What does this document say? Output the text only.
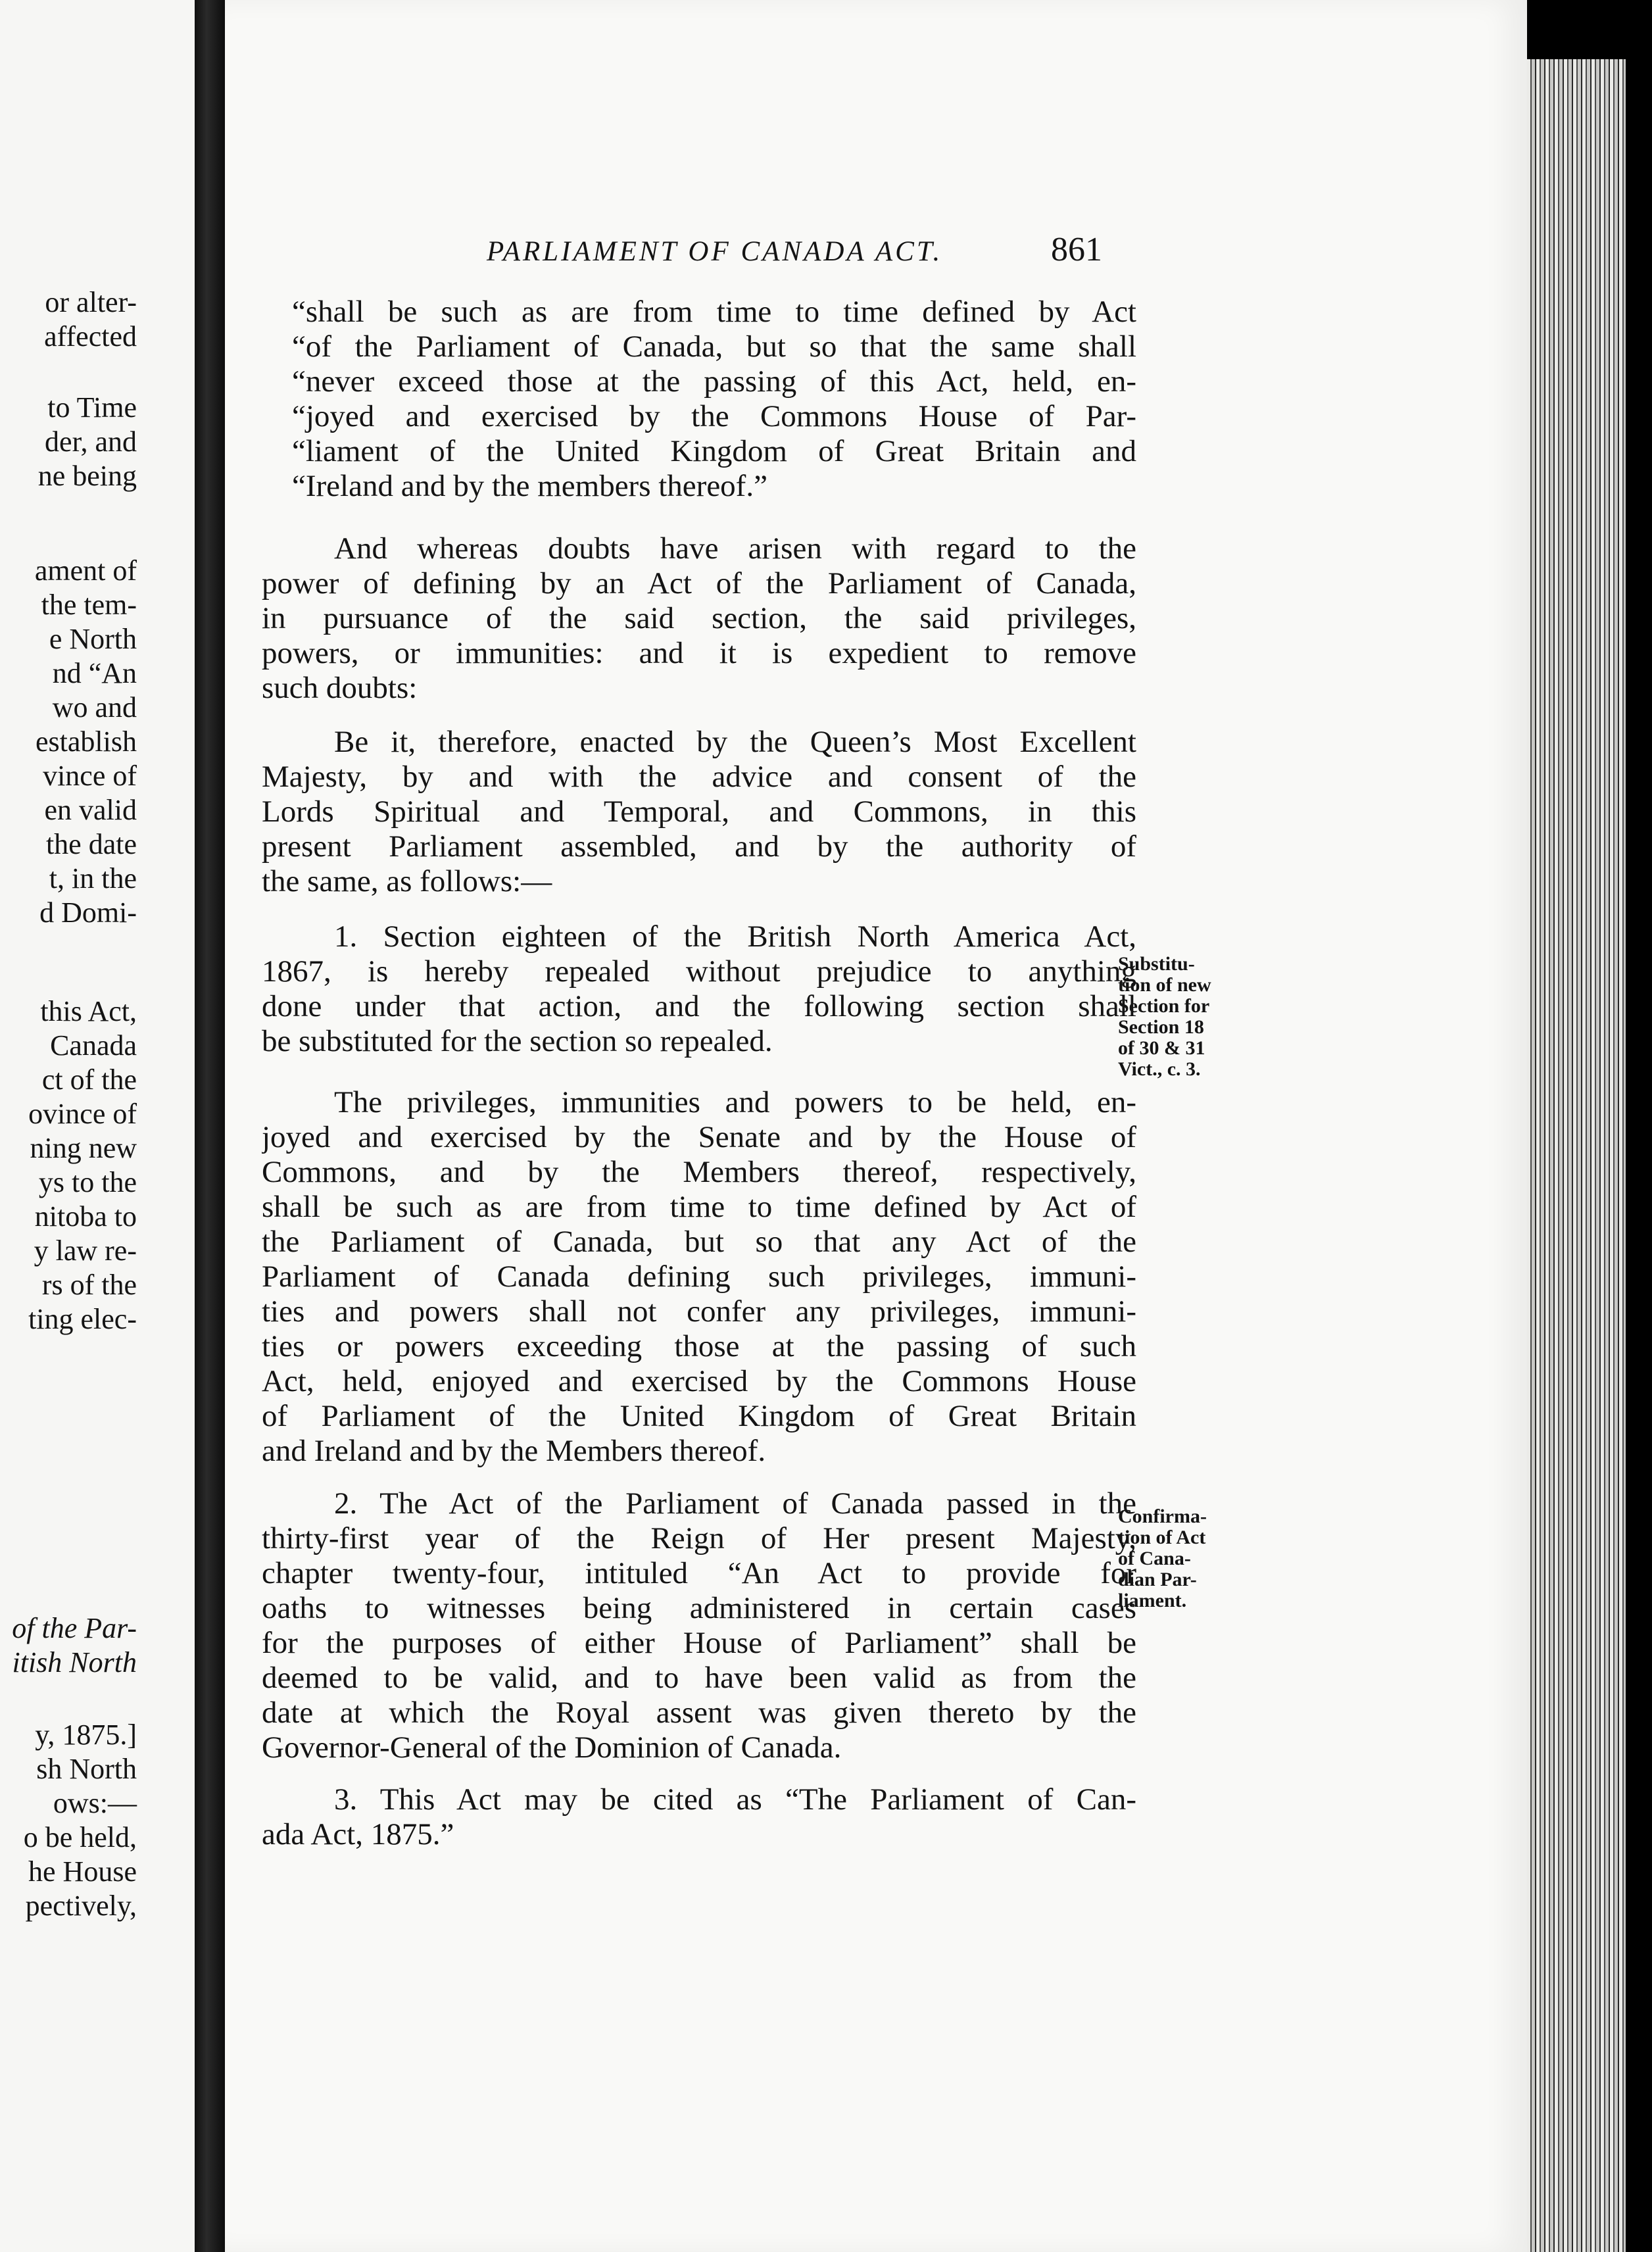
or alter-
affected
to Time
der, and
ne being
ament of
the tem-
e North
nd “An
wo and
establish
vince of
en valid
the date
t, in the
d Domi-
this Act,
Canada
ct of the
ovince of
ning new
ys to the
nitoba to
y law re-
rs of the
ting elec-
of the Par-
itish North
y, 1875.]
sh North
ows:—
o be held,
he House
pectively,
PARLIAMENT OF CANADA ACT.	861
“shall be such as are from time to time defined by Act
“of the Parliament of Canada, but so that the same shall
“never exceed those at the passing of this Act, held, en-
“joyed and exercised by the Commons House of Par-
“liament of the United Kingdom of Great Britain and
“Ireland and by the members thereof.”
And whereas doubts have arisen with regard to the
power of defining by an Act of the Parliament of Canada,
in pursuance of the said section, the said privileges,
powers, or immunities: and it is expedient to remove
such doubts:
Be it, therefore, enacted by the Queen’s Most Excellent
Majesty, by and with the advice and consent of the
Lords Spiritual and Temporal, and Commons, in this
present Parliament assembled, and by the authority of
the same, as follows:—
1. Section eighteen of the British North America Act,
1867, is hereby repealed without prejudice to anything
done under that action, and the following section shall
be substituted for the section so repealed.
The privileges, immunities and powers to be held, en-
joyed and exercised by the Senate and by the House of
Commons, and by the Members thereof, respectively,
shall be such as are from time to time defined by Act of
the Parliament of Canada, but so that any Act of the
Parliament of Canada defining such privileges, immuni-
ties and powers shall not confer any privileges, immuni-
ties or powers exceeding those at the passing of such
Act, held, enjoyed and exercised by the Commons House
of Parliament of the United Kingdom of Great Britain
and Ireland and by the Members thereof.
2. The Act of the Parliament of Canada passed in the
thirty-first year of the Reign of Her present Majesty,
chapter twenty-four, intituled “An Act to provide for
oaths to witnesses being administered in certain cases
for the purposes of either House of Parliament” shall be
deemed to be valid, and to have been valid as from the
date at which the Royal assent was given thereto by the
Governor-General of the Dominion of Canada.
3. This Act may be cited as “The Parliament of Can-
ada Act, 1875.”
Substitu-
tion of new
Section for
Section 18
of 30 & 31
Vict., c. 3.
Confirma-
tion of Act
of Cana-
dian Par-
liament.
